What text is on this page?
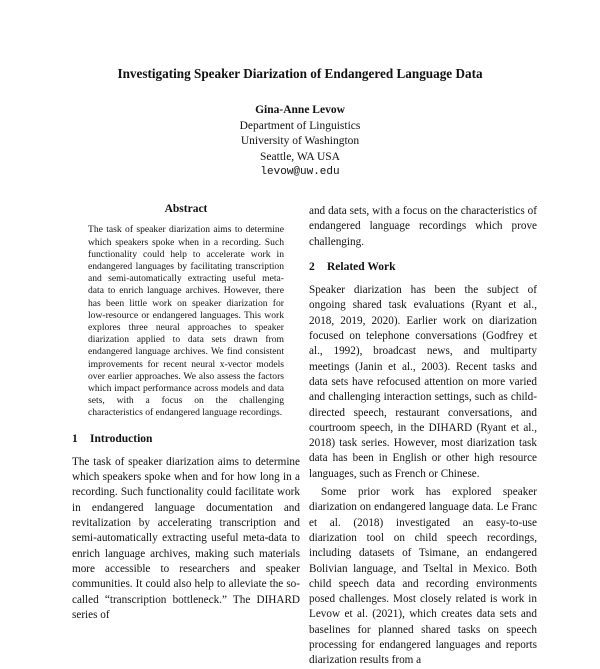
Investigating Speaker Diarization of Endangered Language Data
Gina-Anne Levow
Department of Linguistics
University of Washington
Seattle, WA USA
levow@uw.edu
Abstract
The task of speaker diarization aims to determine which speakers spoke when in a recording. Such functionality could help to accelerate work in endangered languages by facilitating transcription and semi-automatically extracting useful meta-data to enrich language archives. However, there has been little work on speaker diarization for low-resource or endangered languages. This work explores three neural approaches to speaker diarization applied to data sets drawn from endangered language archives. We find consistent improvements for recent neural x-vector models over earlier approaches. We also assess the factors which impact performance across models and data sets, with a focus on the challenging characteristics of endangered language recordings.
1 Introduction

The task of speaker diarization aims to determine which speakers spoke when and for how long in a recording. Such functionality could facilitate work in endangered language documentation and revitalization by accelerating transcription and semi-automatically extracting useful meta-data to enrich language archives, making such materials more accessible to researchers and speaker communities. It could also help to alleviate the so-called “transcription bottleneck.” The DIHARD series of

and data sets, with a focus on the characteristics of endangered language recordings which prove challenging.

2 Related Work

Speaker diarization has been the subject of ongoing shared task evaluations (Ryant et al., 2018, 2019, 2020). Earlier work on diarization focused on telephone conversations (Godfrey et al., 1992), broadcast news, and multiparty meetings (Janin et al., 2003). Recent tasks and data sets have refocused attention on more varied and challenging interaction settings, such as child-directed speech, restaurant conversations, and courtroom speech, in the DIHARD (Ryant et al., 2018) task series. However, most diarization task data has been in English or other high resource languages, such as French or Chinese.

Some prior work has explored speaker diarization on endangered language data. Le Franc et al. (2018) investigated an easy-to-use diarization tool on child speech recordings, including datasets of Tsimane, an endangered Bolivian language, and Tseltal in Mexico. Both child speech data and recording environments posed challenges. Most closely related is work in Levow et al. (2021), which creates data sets and baselines for planned shared tasks on speech processing for endangered languages and reports diarization results from a
